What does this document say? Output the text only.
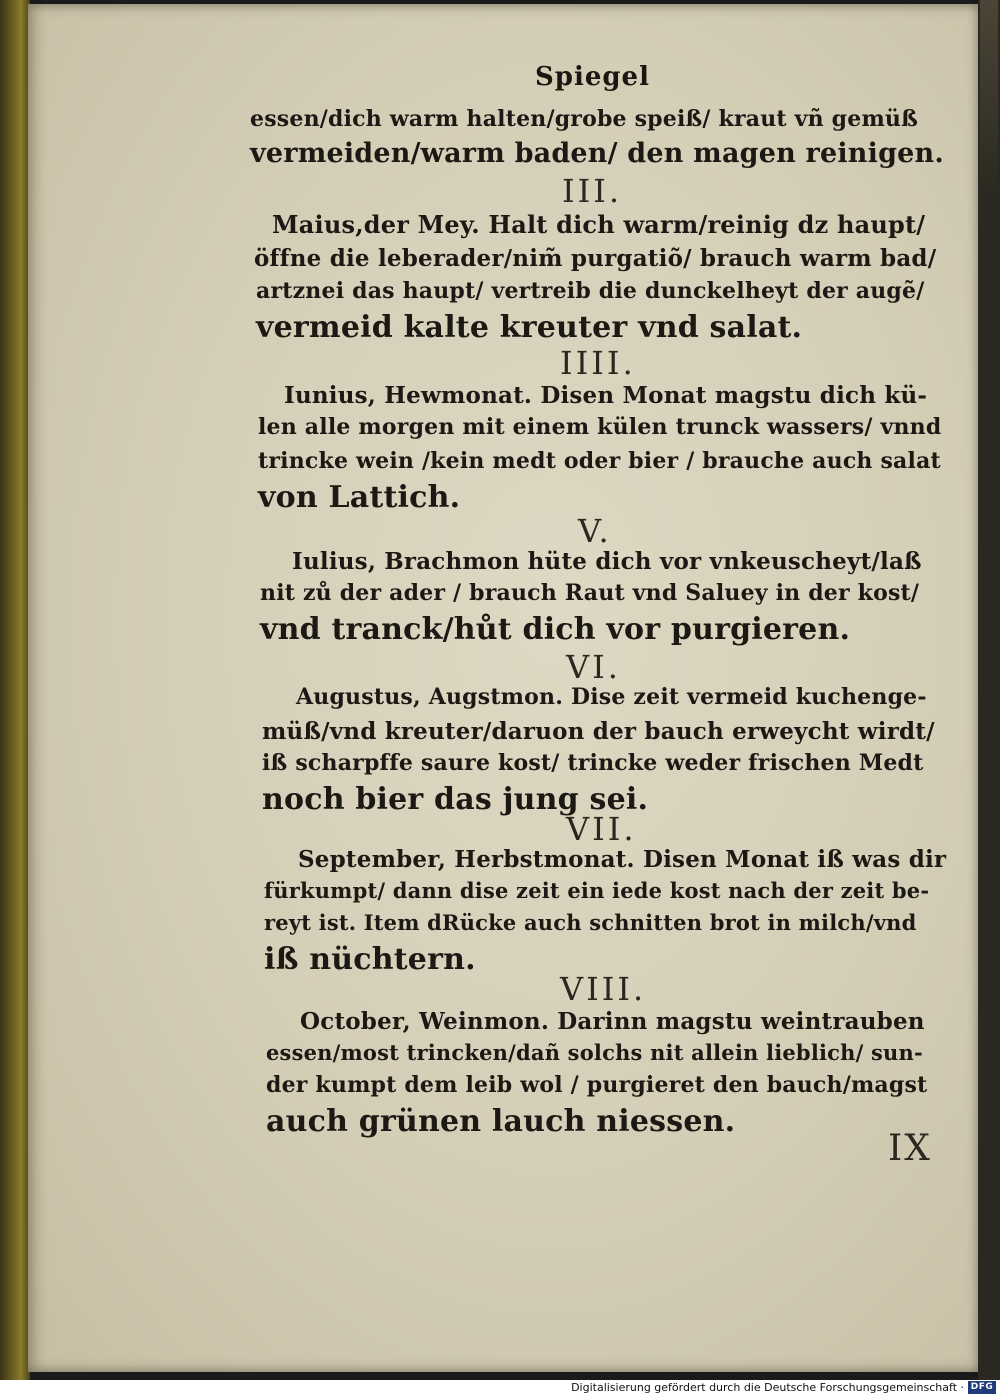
Spiegel
essen/dich warm halten/grobe speiß/ kraut vñ gemüß
vermeiden/warm baden/ den magen reinigen.
III.
Maius,der Mey. Halt dich warm/reinig dz haupt/
öffne die leberader/nim̃ purgatiõ/ brauch warm bad/
artznei das haupt/ vertreib die dunckelheyt der augẽ/
vermeid kalte kreuter vnd salat.
IIII.
Iunius, Hewmonat. Disen Monat magstu dich kü-
len alle morgen mit einem külen trunck wassers/ vnnd
trincke wein /kein medt oder bier / brauche auch salat
von Lattich.
V.
Iulius, Brachmon hüte dich vor vnkeuscheyt/laß
nit zů der ader / brauch Raut vnd Saluey in der kost/
vnd tranck/hůt dich vor purgieren.
VI.
Augustus, Augstmon. Dise zeit vermeid kuchenge-
müß/vnd kreuter/daruon der bauch erweycht wirdt/
iß scharpffe saure kost/ trincke weder frischen Medt
noch bier das jung sei.
VII.
September, Herbstmonat. Disen Monat iß was dir
fürkumpt/ dann dise zeit ein iede kost nach der zeit be-
reyt ist. Item dRücke auch schnitten brot in milch/vnd
iß nüchtern.
VIII.
October, Weinmon. Darinn magstu weintrauben
essen/most trincken/dañ solchs nit allein lieblich/ sun-
der kumpt dem leib wol / purgieret den bauch/magst
auch grünen lauch niessen.
IX
Digitalisierung gefördert durch die Deutsche Forschungsgemeinschaft · DFG
